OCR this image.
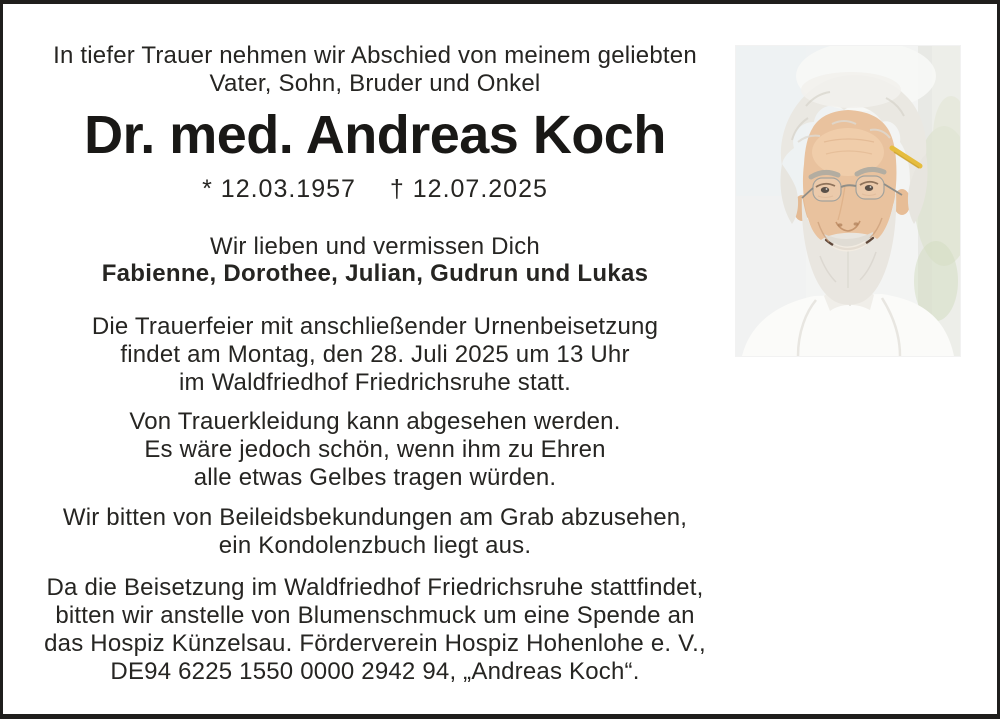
In tiefer Trauer nehmen wir Abschied von meinem geliebten
Vater, Sohn, Bruder und Onkel
Dr. med. Andreas Koch
* 12.03.1957 † 12.07.2025
Wir lieben und vermissen Dich
Fabienne, Dorothee, Julian, Gudrun und Lukas
Die Trauerfeier mit anschließender Urnenbeisetzung
findet am Montag, den 28. Juli 2025 um 13 Uhr
im Waldfriedhof Friedrichsruhe statt.
Von Trauerkleidung kann abgesehen werden.
Es wäre jedoch schön, wenn ihm zu Ehren
alle etwas Gelbes tragen würden.
Wir bitten von Beileidsbekundungen am Grab abzusehen,
ein Kondolenzbuch liegt aus.
Da die Beisetzung im Waldfriedhof Friedrichsruhe stattfindet,
bitten wir anstelle von Blumenschmuck um eine Spende an
das Hospiz Künzelsau. Förderverein Hospiz Hohenlohe e. V.,
DE94 6225 1550 0000 2942 94, „Andreas Koch“.
